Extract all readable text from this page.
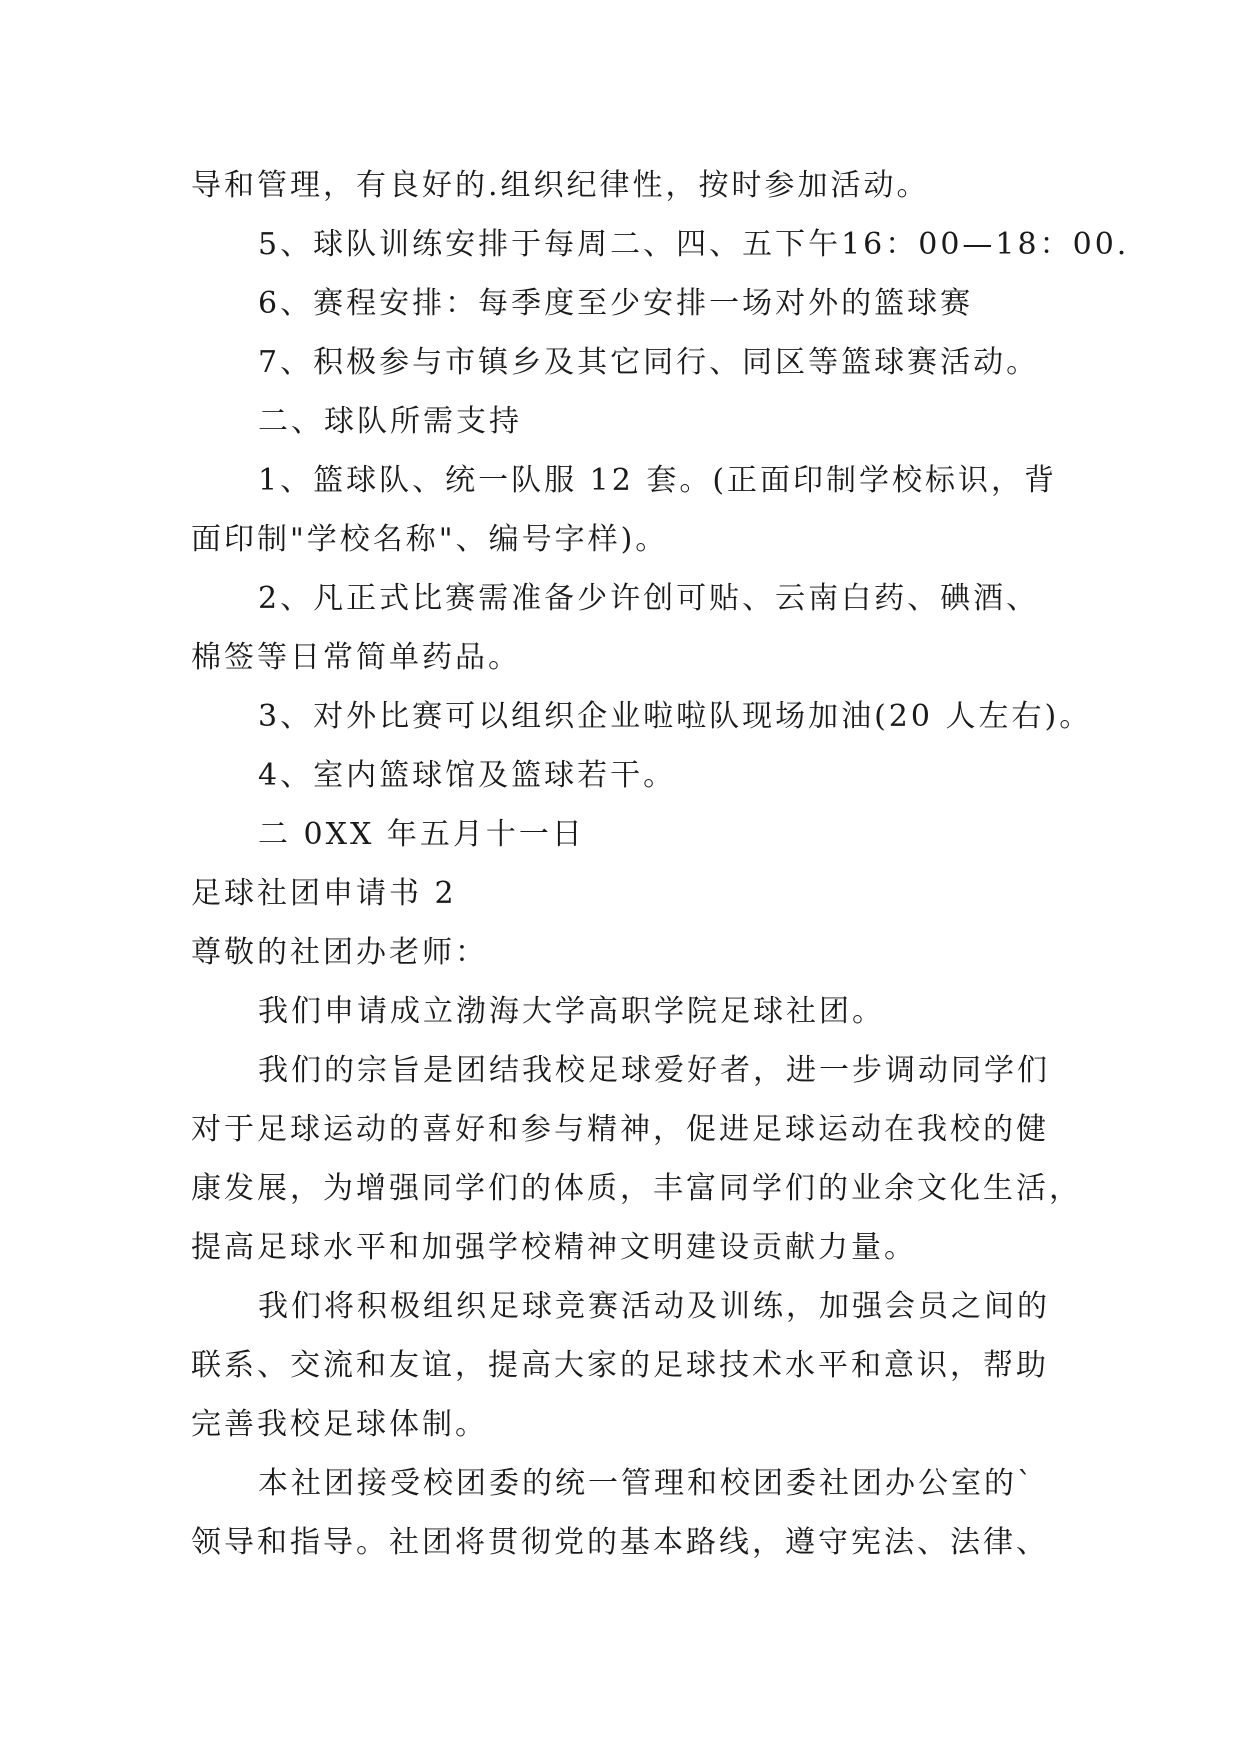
导和管理，有良好的.组织纪律性，按时参加活动。
5、球队训练安排于每周二、四、五下午16：00—18：00.
6、赛程安排：每季度至少安排一场对外的篮球赛
7、积极参与市镇乡及其它同行、同区等篮球赛活动。
二、球队所需支持
1、篮球队、统一队服 12 套。(正面印制学校标识，背
面印制"学校名称"、编号字样)。
2、凡正式比赛需准备少许创可贴、云南白药、碘酒、
棉签等日常简单药品。
3、对外比赛可以组织企业啦啦队现场加油(20 人左右)。
4、室内篮球馆及篮球若干。
二 0XX 年五月十一日
足球社团申请书 2
尊敬的社团办老师：
我们申请成立渤海大学高职学院足球社团。
我们的宗旨是团结我校足球爱好者，进一步调动同学们
对于足球运动的喜好和参与精神，促进足球运动在我校的健
康发展，为增强同学们的体质，丰富同学们的业余文化生活，
提高足球水平和加强学校精神文明建设贡献力量。
我们将积极组织足球竞赛活动及训练，加强会员之间的
联系、交流和友谊，提高大家的足球技术水平和意识，帮助
完善我校足球体制。
本社团接受校团委的统一管理和校团委社团办公室的`
领导和指导。社团将贯彻党的基本路线，遵守宪法、法律、
